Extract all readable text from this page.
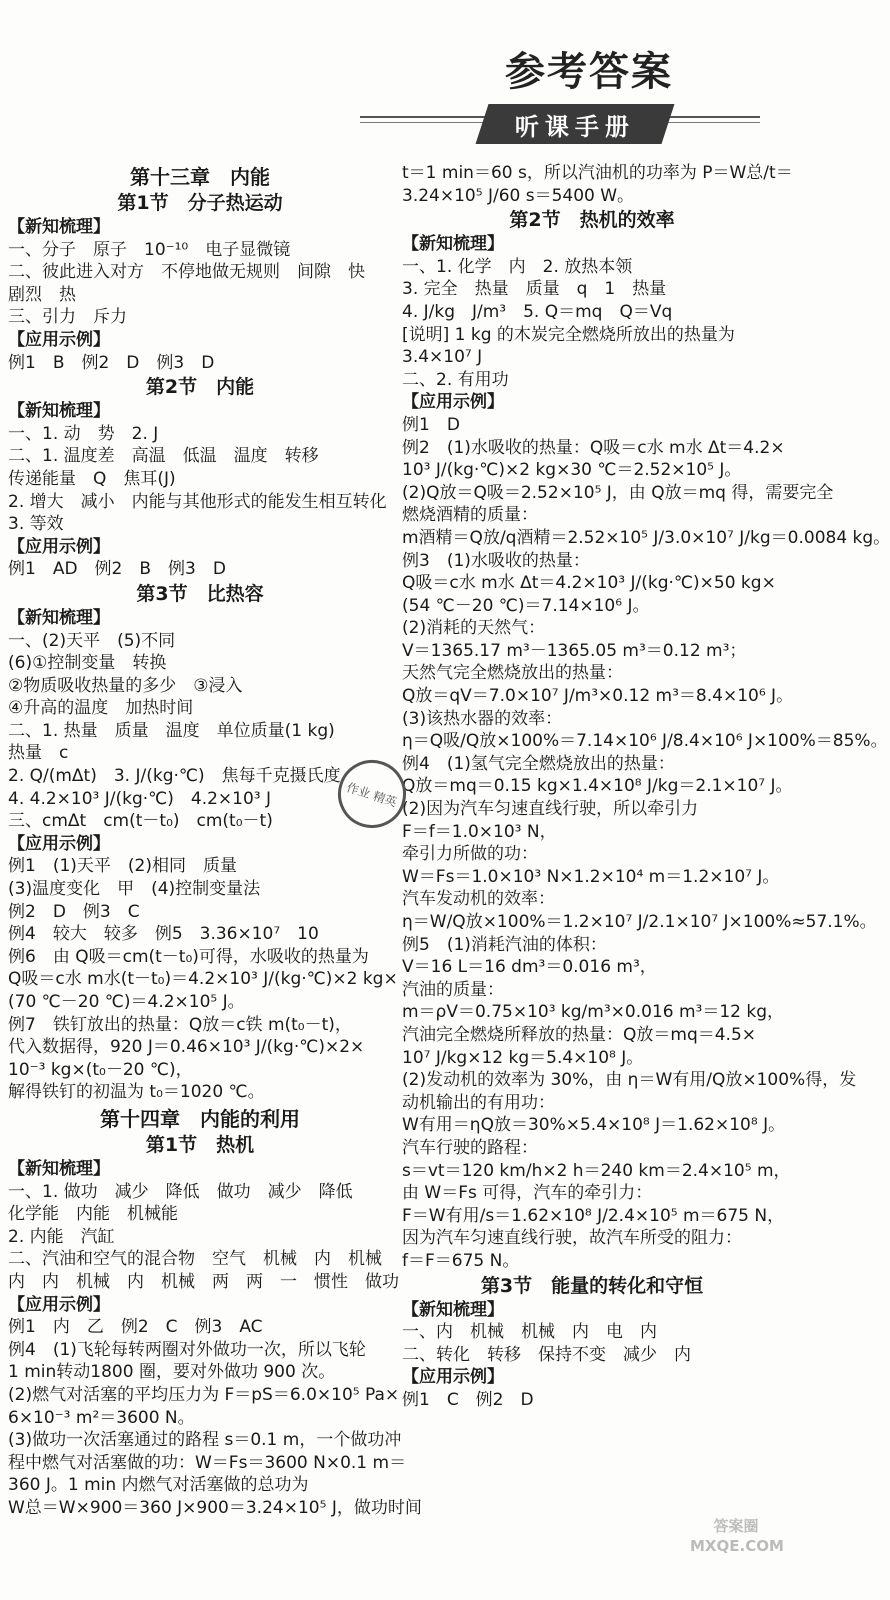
参考答案
听课手册
第十三章　内能
第1节　分子热运动
【新知梳理】
一、分子　原子　10⁻¹⁰　电子显微镜
二、彼此进入对方　不停地做无规则　间隙　快
剧烈　热
三、引力　斥力
【应用示例】
例1　B　例2　D　例3　D
第2节　内能
【新知梳理】
一、1. 动　势　2. J
二、1. 温度差　高温　低温　温度　转移
传递能量　Q　焦耳(J)
2. 增大　减小　内能与其他形式的能发生相互转化
3. 等效
【应用示例】
例1　AD　例2　B　例3　D
第3节　比热容
【新知梳理】
一、(2)天平　(5)不同
(6)①控制变量　转换
②物质吸收热量的多少　③浸入
④升高的温度　加热时间
二、1. 热量　质量　温度　单位质量(1 kg)
热量　c
2. Q/(mΔt)　3. J/(kg·℃)　焦每千克摄氏度
4. 4.2×10³ J/(kg·℃)　4.2×10³ J
三、cmΔt　cm(t－t₀)　cm(t₀－t)
【应用示例】
例1　(1)天平　(2)相同　质量
(3)温度变化　甲　(4)控制变量法
例2　D　例3　C
例4　较大　较多　例5　3.36×10⁷　10
例6　由 Q吸＝cm(t－t₀)可得，水吸收的热量为
Q吸＝c水 m水(t－t₀)＝4.2×10³ J/(kg·℃)×2 kg×
(70 ℃－20 ℃)＝4.2×10⁵ J。
例7　铁钉放出的热量：Q放＝c铁 m(t₀－t)，
代入数据得，920 J＝0.46×10³ J/(kg·℃)×2×
10⁻³ kg×(t₀－20 ℃)，
解得铁钉的初温为 t₀＝1020 ℃。
第十四章　内能的利用
第1节　热机
【新知梳理】
一、1. 做功　减少　降低　做功　减少　降低
化学能　内能　机械能
2. 内能　汽缸
二、汽油和空气的混合物　空气　机械　内　机械
内　内　机械　内　机械　两　两　一　惯性　做功
【应用示例】
例1　内　乙　例2　C　例3　AC
例4　(1)飞轮每转两圈对外做功一次，所以飞轮
1 min转动1800 圈，要对外做功 900 次。
(2)燃气对活塞的平均压力为 F＝pS＝6.0×10⁵ Pa×
6×10⁻³ m²＝3600 N。
(3)做功一次活塞通过的路程 s＝0.1 m，一个做功冲
程中燃气对活塞做的功：W＝Fs＝3600 N×0.1 m＝
360 J。1 min 内燃气对活塞做的总功为
W总＝W×900＝360 J×900＝3.24×10⁵ J，做功时间
t＝1 min＝60 s，所以汽油机的功率为 P＝W总/t＝
3.24×10⁵ J/60 s＝5400 W。
第2节　热机的效率
【新知梳理】
一、1. 化学　内　2. 放热本领
3. 完全　热量　质量　q　1　热量
4. J/kg　J/m³　5. Q＝mq　Q＝Vq
[说明] 1 kg 的木炭完全燃烧所放出的热量为
3.4×10⁷ J
二、2. 有用功
【应用示例】
例1　D
例2　(1)水吸收的热量：Q吸＝c水 m水 Δt＝4.2×
10³ J/(kg·℃)×2 kg×30 ℃＝2.52×10⁵ J。
(2)Q放＝Q吸＝2.52×10⁵ J，由 Q放＝mq 得，需要完全
燃烧酒精的质量：
m酒精＝Q放/q酒精＝2.52×10⁵ J/3.0×10⁷ J/kg＝0.0084 kg。
例3　(1)水吸收的热量：
Q吸＝c水 m水 Δt＝4.2×10³ J/(kg·℃)×50 kg×
(54 ℃－20 ℃)＝7.14×10⁶ J。
(2)消耗的天然气：
V＝1365.17 m³－1365.05 m³＝0.12 m³；
天然气完全燃烧放出的热量：
Q放＝qV＝7.0×10⁷ J/m³×0.12 m³＝8.4×10⁶ J。
(3)该热水器的效率：
η＝Q吸/Q放×100%＝7.14×10⁶ J/8.4×10⁶ J×100%＝85%。
例4　(1)氢气完全燃烧放出的热量：
Q放＝mq＝0.15 kg×1.4×10⁸ J/kg＝2.1×10⁷ J。
(2)因为汽车匀速直线行驶，所以牵引力
F＝f＝1.0×10³ N，
牵引力所做的功：
W＝Fs＝1.0×10³ N×1.2×10⁴ m＝1.2×10⁷ J。
汽车发动机的效率：
η＝W/Q放×100%＝1.2×10⁷ J/2.1×10⁷ J×100%≈57.1%。
例5　(1)消耗汽油的体积：
V＝16 L＝16 dm³＝0.016 m³，
汽油的质量：
m＝ρV＝0.75×10³ kg/m³×0.016 m³＝12 kg，
汽油完全燃烧所释放的热量：Q放＝mq＝4.5×
10⁷ J/kg×12 kg＝5.4×10⁸ J。
(2)发动机的效率为 30%，由 η＝W有用/Q放×100%得，发
动机输出的有用功：
W有用＝ηQ放＝30%×5.4×10⁸ J＝1.62×10⁸ J。
汽车行驶的路程：
s＝vt＝120 km/h×2 h＝240 km＝2.4×10⁵ m，
由 W＝Fs 可得，汽车的牵引力：
F＝W有用/s＝1.62×10⁸ J/2.4×10⁵ m＝675 N，
因为汽车匀速直线行驶，故汽车所受的阻力：
f＝F＝675 N。
第3节　能量的转化和守恒
【新知梳理】
一、内　机械　机械　内　电　内
二、转化　转移　保持不变　减少　内
【应用示例】
例1　C　例2　D
作业 精英
答案圈 MXQE.COM
